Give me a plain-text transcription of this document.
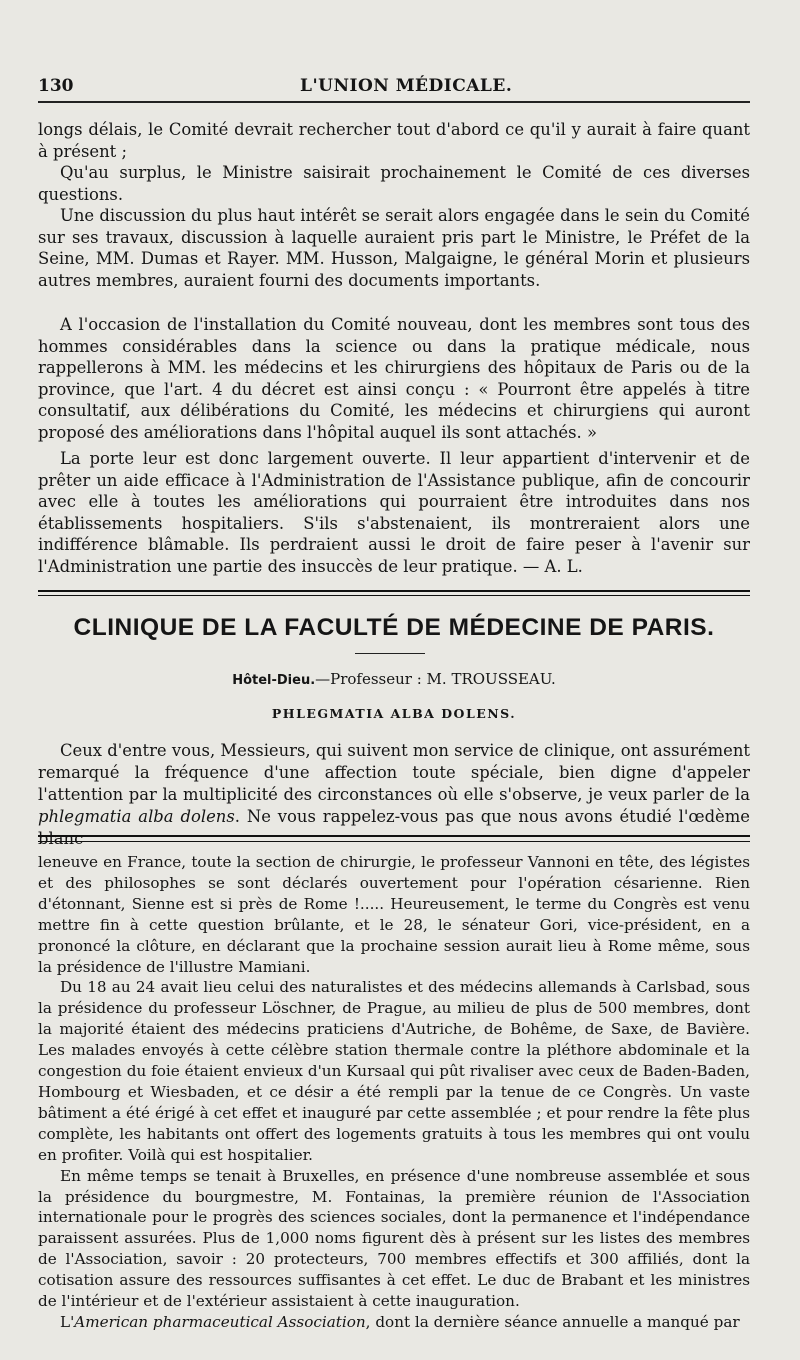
130	L'UNION MÉDICALE.

longs délais, le Comité devrait rechercher tout d'abord ce qu'il y aurait à faire quant à présent ;

Qu'au surplus, le Ministre saisirait prochainement le Comité de ces diverses questions.

Une discussion du plus haut intérêt se serait alors engagée dans le sein du Comité sur ses travaux, discussion à laquelle auraient pris part le Ministre, le Préfet de la Seine, MM. Dumas et Rayer. MM. Husson, Malgaigne, le général Morin et plusieurs autres membres, auraient fourni des documents importants.

A l'occasion de l'installation du Comité nouveau, dont les membres sont tous des hommes considérables dans la science ou dans la pratique médicale, nous rappellerons à MM. les médecins et les chirurgiens des hôpitaux de Paris ou de la province, que l'art. 4 du décret est ainsi conçu : « Pourront être appelés à titre consultatif, aux délibérations du Comité, les médecins et chirurgiens qui auront proposé des améliorations dans l'hôpital auquel ils sont attachés. »

La porte leur est donc largement ouverte. Il leur appartient d'intervenir et de prêter un aide efficace à l'Administration de l'Assistance publique, afin de concourir avec elle à toutes les améliorations qui pourraient être introduites dans nos établissements hospitaliers. S'ils s'abstenaient, ils montreraient alors une indifférence blâmable. Ils perdraient aussi le droit de faire peser à l'avenir sur l'Administration une partie des insuccès de leur pratique. — A. L.

CLINIQUE DE LA FACULTÉ DE MÉDECINE DE PARIS.
Hôtel-Dieu.—Professeur : M. TROUSSEAU.
PHLEGMATIA ALBA DOLENS.

Ceux d'entre vous, Messieurs, qui suivent mon service de clinique, ont assurément remarqué la fréquence d'une affection toute spéciale, bien digne d'appeler l'attention par la multiplicité des circonstances où elle s'observe, je veux parler de la phlegmatia alba dolens. Ne vous rappelez-vous pas que nous avons étudié l'œdème blanc

leneuve en France, toute la section de chirurgie, le professeur Vannoni en tête, des légistes et des philosophes se sont déclarés ouvertement pour l'opération césarienne. Rien d'étonnant, Sienne est si près de Rome !..... Heureusement, le terme du Congrès est venu mettre fin à cette question brûlante, et le 28, le sénateur Gori, vice-président, en a prononcé la clôture, en déclarant que la prochaine session aurait lieu à Rome même, sous la présidence de l'illustre Mamiani.

Du 18 au 24 avait lieu celui des naturalistes et des médecins allemands à Carlsbad, sous la présidence du professeur Löschner, de Prague, au milieu de plus de 500 membres, dont la majorité étaient des médecins praticiens d'Autriche, de Bohême, de Saxe, de Bavière. Les malades envoyés à cette célèbre station thermale contre la pléthore abdominale et la congestion du foie étaient envieux d'un Kursaal qui pût rivaliser avec ceux de Baden-Baden, Hombourg et Wiesbaden, et ce désir a été rempli par la tenue de ce Congrès. Un vaste bâtiment a été érigé à cet effet et inauguré par cette assemblée ; et pour rendre la fête plus complète, les habitants ont offert des logements gratuits à tous les membres qui ont voulu en profiter. Voilà qui est hospitalier.

En même temps se tenait à Bruxelles, en présence d'une nombreuse assemblée et sous la présidence du bourgmestre, M. Fontainas, la première réunion de l'Association internationale pour le progrès des sciences sociales, dont la permanence et l'indépendance paraissent assurées. Plus de 1,000 noms figurent dès à présent sur les listes des membres de l'Association, savoir : 20 protecteurs, 700 membres effectifs et 300 affiliés, dont la cotisation assure des ressources suffisantes à cet effet. Le duc de Brabant et les ministres de l'intérieur et de l'extérieur assistaient à cette inauguration.

L'American pharmaceutical Association, dont la dernière séance annuelle a manqué par
